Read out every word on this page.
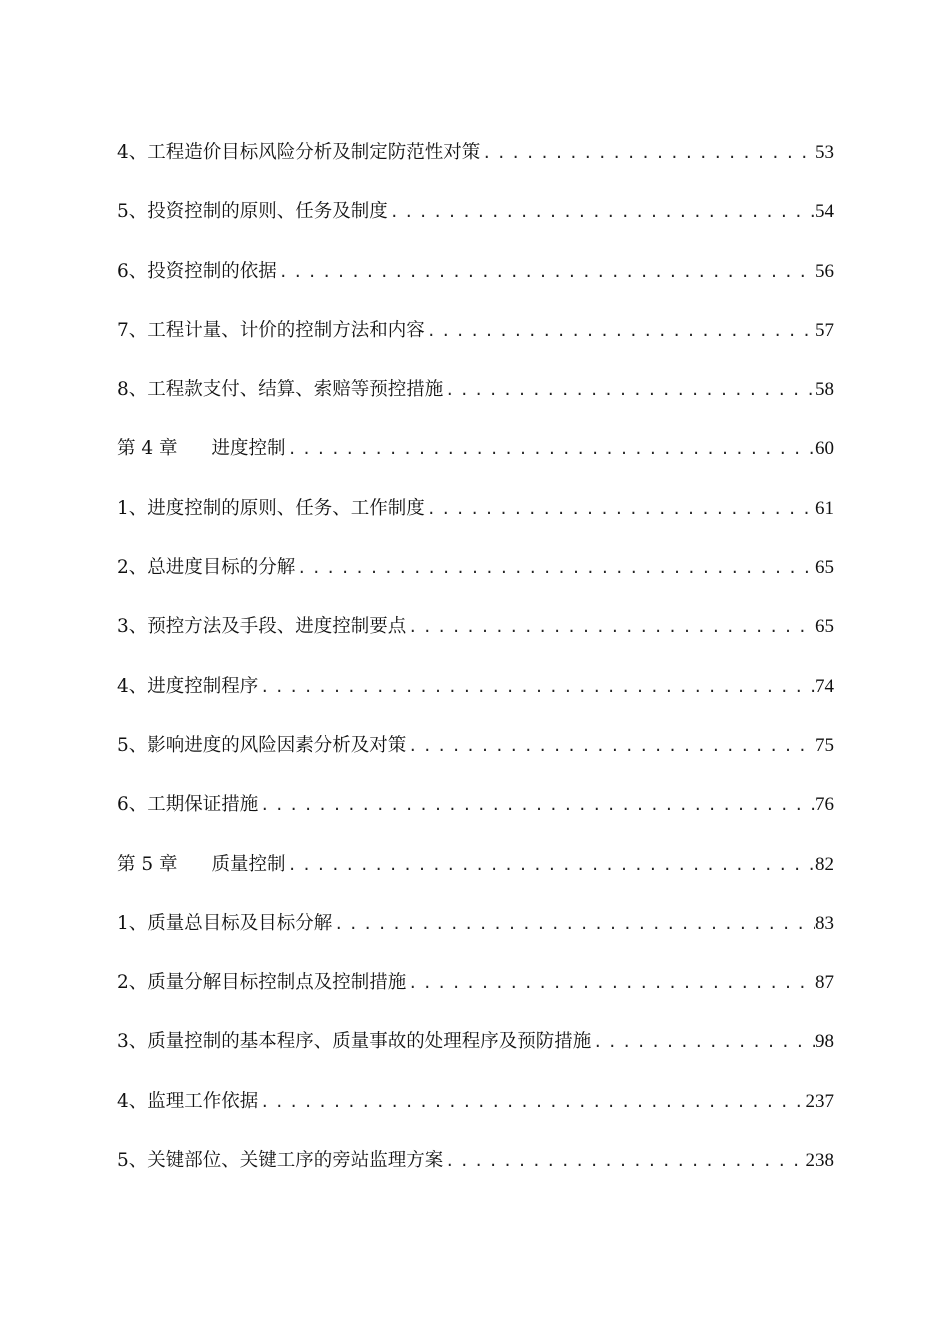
4、 工程造价目标风险分析及制定防范性对策 .....	53
5、 投资控制的原则、任务及制度 .....	54
6、 投资控制的依据 .....	56
7、 工程计量、计价的控制方法和内容 .....	57
8、 工程款支付、结算、索赔等预控措施 .....	58
第 4 章 进度控制 .....	60
1、 进度控制的原则、任务、工作制度 .....	61
2、 总进度目标的分解 .....	65
3、 预控方法及手段、进度控制要点 .....	65
4、 进度控制程序 .....	74
5、 影响进度的风险因素分析及对策 .....	75
6、 工期保证措施 .....	76
第 5 章 质量控制 .....	82
1、 质量总目标及目标分解 .....	83
2、 质量分解目标控制点及控制措施 .....	87
3、 质量控制的基本程序、质量事故的处理程序及预防措施 .....	98
4、 监理工作依据 .....	237
5、 关键部位、关键工序的旁站监理方案 .....	238
